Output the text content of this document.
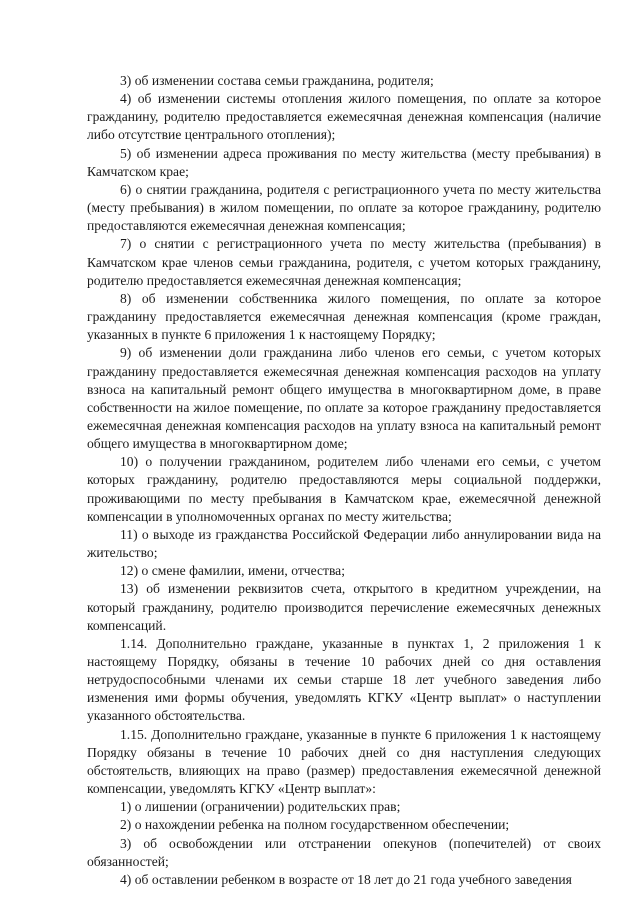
3) об изменении состава семьи гражданина, родителя;

4) об изменении системы отопления жилого помещения, по оплате за которое гражданину, родителю предоставляется ежемесячная денежная компенсация (наличие либо отсутствие центрального отопления);

5) об изменении адреса проживания по месту жительства (месту пребывания) в Камчатском крае;

6) о снятии гражданина, родителя с регистрационного учета по месту жительства (месту пребывания) в жилом помещении, по оплате за которое гражданину, родителю предоставляются ежемесячная денежная компенсация;

7) о снятии с регистрационного учета по месту жительства (пребывания) в Камчатском крае членов семьи гражданина, родителя, с учетом которых гражданину, родителю предоставляется ежемесячная денежная компенсация;

8) об изменении собственника жилого помещения, по оплате за которое гражданину предоставляется ежемесячная денежная компенсация (кроме граждан, указанных в пункте 6 приложения 1 к настоящему Порядку;

9) об изменении доли гражданина либо членов его семьи, с учетом которых гражданину предоставляется ежемесячная денежная компенсация расходов на уплату взноса на капитальный ремонт общего имущества в многоквартирном доме, в праве собственности на жилое помещение, по оплате за которое гражданину предоставляется ежемесячная денежная компенсация расходов на уплату взноса на капитальный ремонт общего имущества в многоквартирном доме;

10) о получении гражданином, родителем либо членами его семьи, с учетом которых гражданину, родителю предоставляются меры социальной поддержки, проживающими по месту пребывания в Камчатском крае, ежемесячной денежной компенсации в уполномоченных органах по месту жительства;

11) о выходе из гражданства Российской Федерации либо аннулировании вида на жительство;

12) о смене фамилии, имени, отчества;

13) об изменении реквизитов счета, открытого в кредитном учреждении, на который гражданину, родителю производится перечисление ежемесячных денежных компенсаций.

1.14. Дополнительно граждане, указанные в пунктах 1, 2 приложения 1 к настоящему Порядку, обязаны в течение 10 рабочих дней со дня оставления нетрудоспособными членами их семьи старше 18 лет учебного заведения либо изменения ими формы обучения, уведомлять КГКУ «Центр выплат» о наступлении указанного обстоятельства.

1.15. Дополнительно граждане, указанные в пункте 6 приложения 1 к настоящему Порядку обязаны в течение 10 рабочих дней со дня наступления следующих обстоятельств, влияющих на право (размер) предоставления ежемесячной денежной компенсации, уведомлять КГКУ «Центр выплат»:

1) о лишении (ограничении) родительских прав;

2) о нахождении ребенка на полном государственном обеспечении;

3) об освобождении или отстранении опекунов (попечителей) от своих обязанностей;

4) об оставлении ребенком в возрасте от 18 лет до 21 года учебного заведения
